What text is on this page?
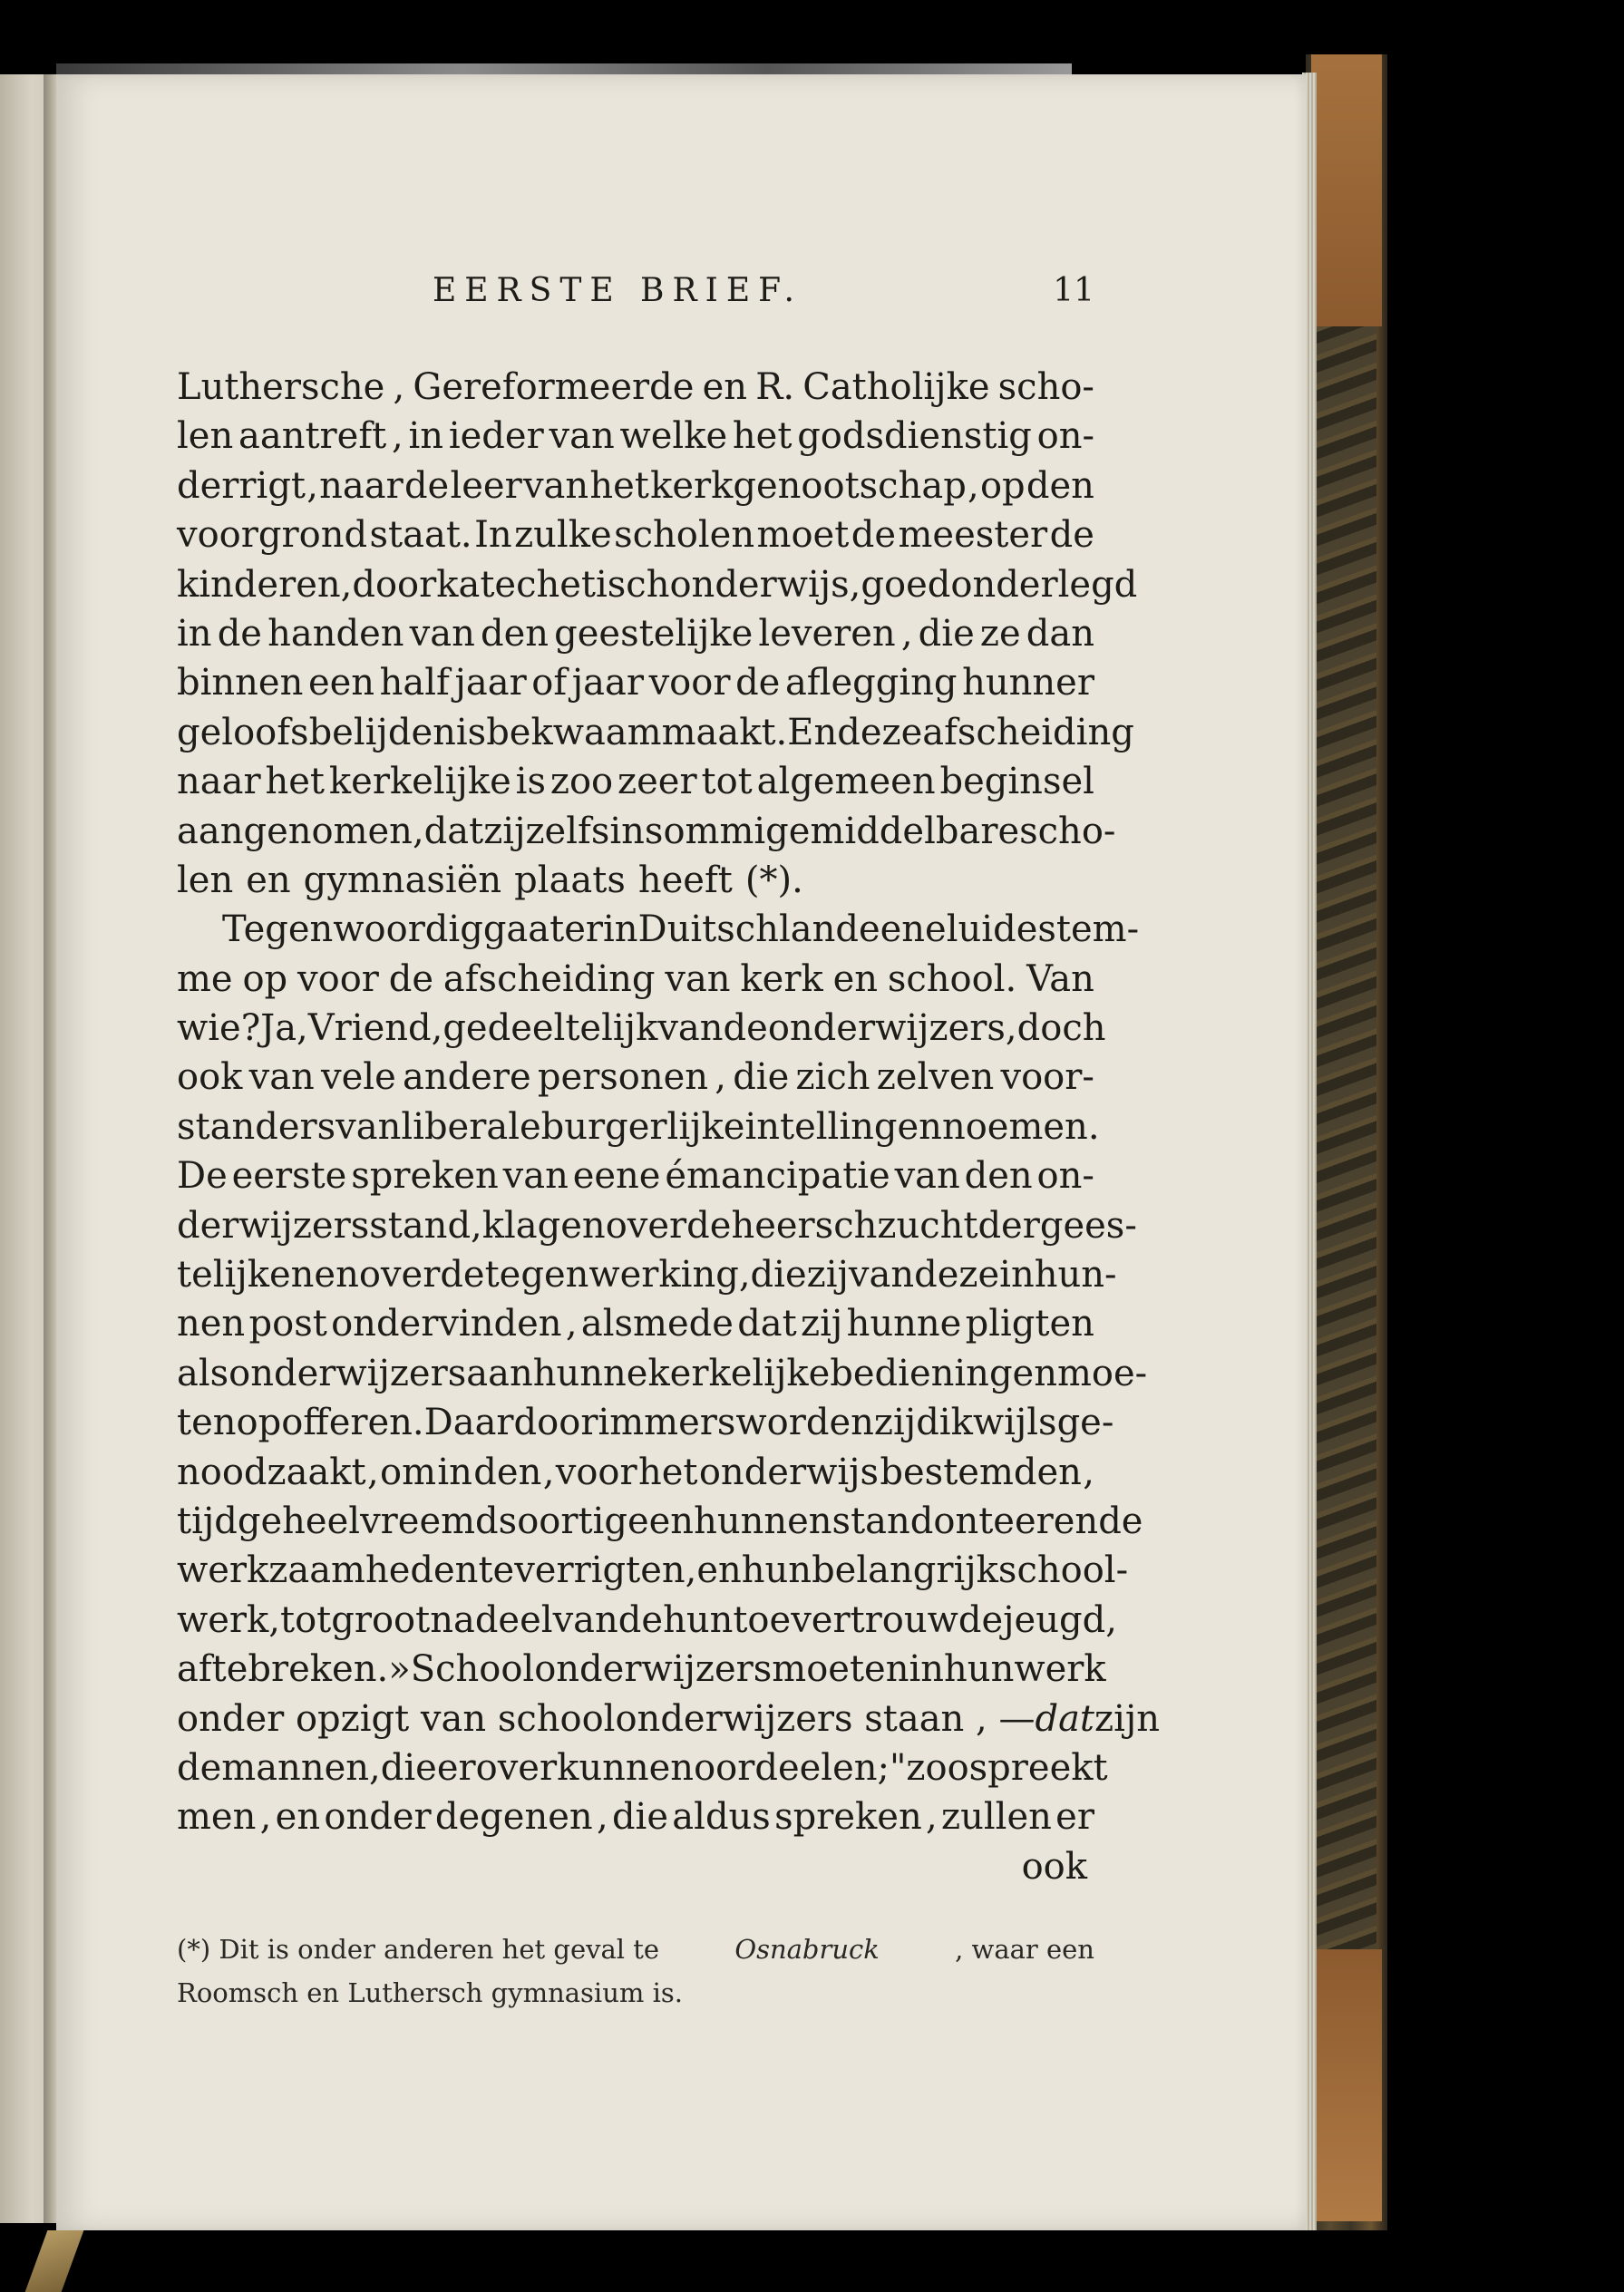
EERSTE BRIEF.	11
Luthersche , Gereformeerde en R. Catholijke scho-
len aantreft , in ieder van welke het godsdienstig on-
derrigt , naar de leer van het kerkgenootschap , op den
voorgrond staat. In zulke scholen moet de meester de
kinderen , door katechetisch onderwijs , goed onderlegd
in de handen van den geestelijke leveren , die ze dan
binnen een half jaar of jaar voor de aflegging hunner
geloofsbelijdenis bekwaam maakt. En deze afscheiding
naar het kerkelijke is zoo zeer tot algemeen beginsel
aangenomen , dat zij zelfs in sommige middelbare scho-
len en gymnasiën plaats heeft (*).
Tegenwoordig gaat er in Duitschland eene luide stem-
me op voor de afscheiding van kerk en school. Van
wie ? Ja , Vriend , gedeeltelijk van de onderwijzers , doch
ook van vele andere personen , die zich zelven voor-
standers van liberale burgerlijke intellingen noemen.
De eerste spreken van eene émancipatie van den on-
derwijzersstand , klagen over de heerschzucht der gees-
telijken en over de tegenwerking , die zij van deze in hun-
nen post ondervinden , alsmede dat zij hunne pligten
als onderwijzers aan hunne kerkelijke bedieningen moe-
ten opofferen. Daardoor immers worden zij dikwijls ge-
noodzaakt , om in den , voor het onderwijs bestemden ,
tijd geheel vreemdsoortige en hunnen stand onteerende
werkzaamheden te verrigten , en hun belangrijk school-
werk , tot groot nadeel van de hun toevertrouwde jeugd ,
af te breken. » Schoolonderwijzers moeten in hun werk
onder opzigt van schoolonderwijzers staan , — dat zijn
de mannen , die er over kunnen oordeelen ;" zoo spreekt
men , en onder degenen , die aldus spreken , zullen er
ook
(*) Dit is onder anderen het geval te	Osnabruck	, waar een
Roomsch en Luthersch gymnasium is.
